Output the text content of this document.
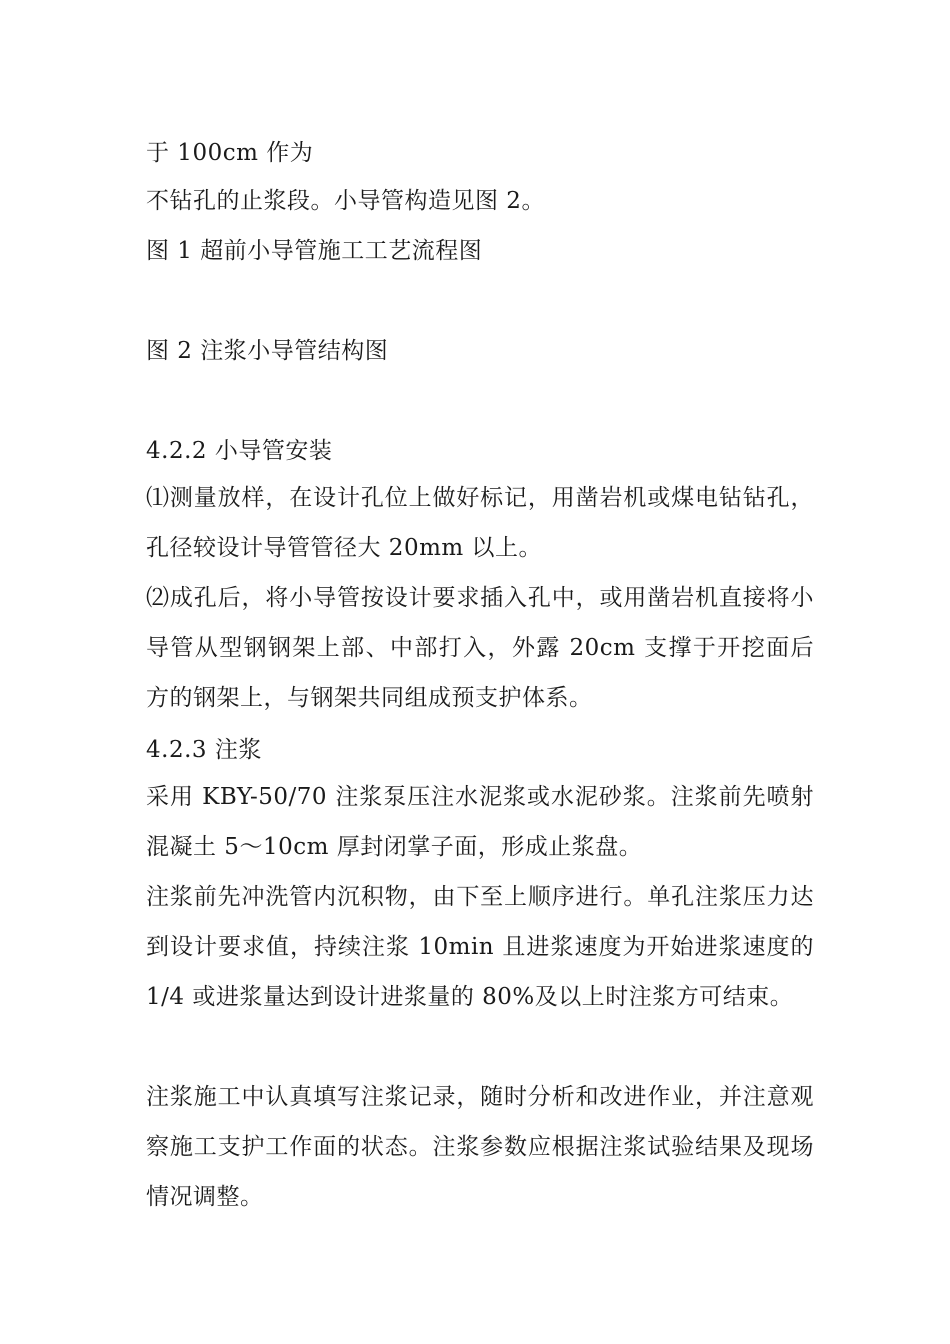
于 100cm 作为
不钻孔的止浆段。小导管构造见图 2。
图 1 超前小导管施工工艺流程图
图 2 注浆小导管结构图
4.2.2 小导管安装
⑴测量放样，在设计孔位上做好标记，用凿岩机或煤电钻钻孔，孔径较设计导管管径大 20mm 以上。
⑵成孔后，将小导管按设计要求插入孔中，或用凿岩机直接将小导管从型钢钢架上部、中部打入，外露 20cm 支撑于开挖面后方的钢架上，与钢架共同组成预支护体系。
4.2.3 注浆
采用 KBY-50/70 注浆泵压注水泥浆或水泥砂浆。注浆前先喷射混凝土 5～10cm 厚封闭掌子面，形成止浆盘。
注浆前先冲洗管内沉积物，由下至上顺序进行。单孔注浆压力达到设计要求值，持续注浆 10min 且进浆速度为开始进浆速度的 1/4 或进浆量达到设计进浆量的 80%及以上时注浆方可结束。
注浆施工中认真填写注浆记录，随时分析和改进作业，并注意观察施工支护工作面的状态。注浆参数应根据注浆试验结果及现场情况调整。
